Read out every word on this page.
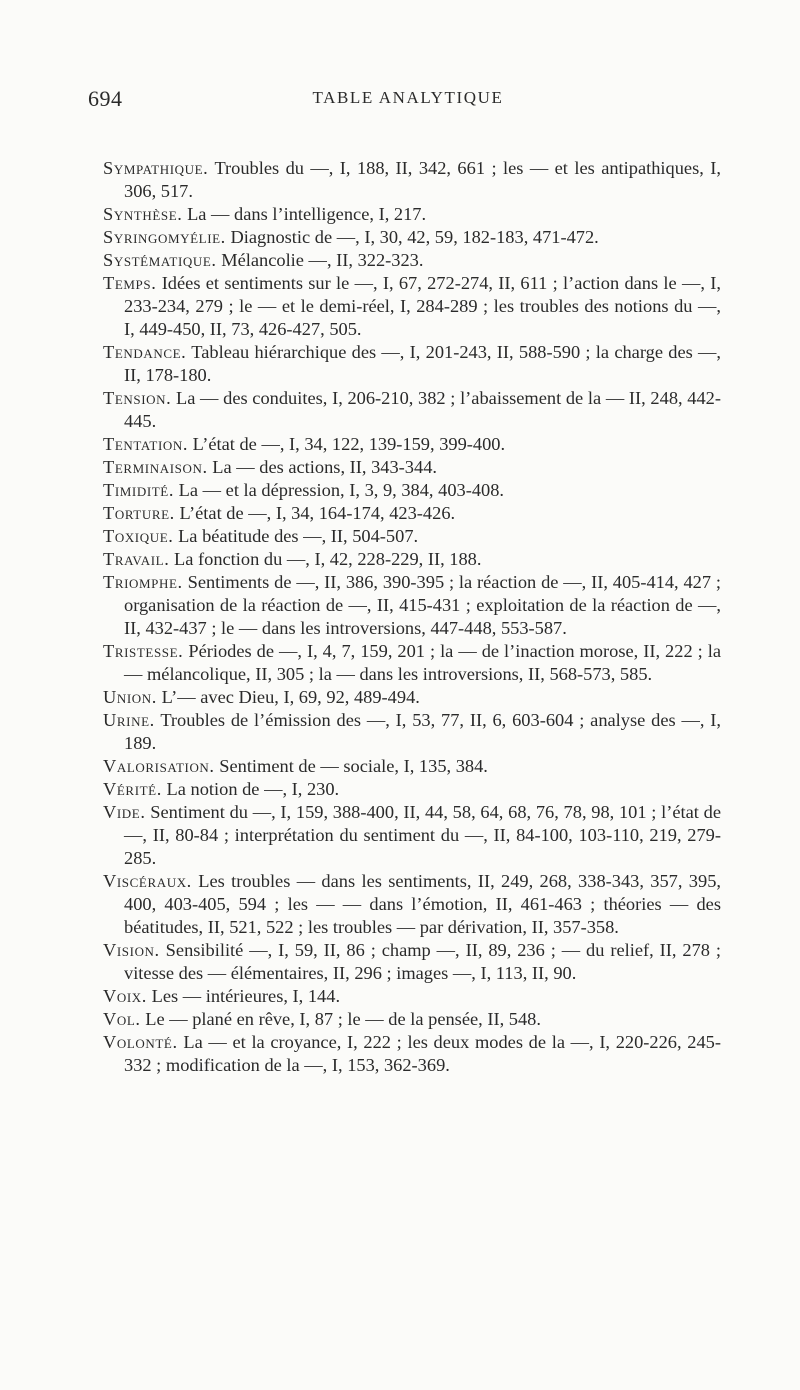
694	TABLE ANALYTIQUE

Sympathique. Troubles du —, I, 188, II, 342, 661 ; les — et les antipathiques, I, 306, 517.

Synthèse. La — dans l’intelligence, I, 217.

Syringomyélie. Diagnostic de —, I, 30, 42, 59, 182-183, 471-472.

Systématique. Mélancolie —, II, 322-323.

Temps. Idées et sentiments sur le —, I, 67, 272-274, II, 611 ; l’action dans le —, I, 233-234, 279 ; le — et le demi-réel, I, 284-289 ; les troubles des notions du —, I, 449-450, II, 73, 426-427, 505.

Tendance. Tableau hiérarchique des —, I, 201-243, II, 588-590 ; la charge des —, II, 178-180.

Tension. La — des conduites, I, 206-210, 382 ; l’abaissement de la — II, 248, 442-445.

Tentation. L’état de —, I, 34, 122, 139-159, 399-400.

Terminaison. La — des actions, II, 343-344.

Timidité. La — et la dépression, I, 3, 9, 384, 403-408.

Torture. L’état de —, I, 34, 164-174, 423-426.

Toxique. La béatitude des —, II, 504-507.

Travail. La fonction du —, I, 42, 228-229, II, 188.

Triomphe. Sentiments de —, II, 386, 390-395 ; la réaction de —, II, 405-414, 427 ; organisation de la réaction de —, II, 415-431 ; exploitation de la réaction de —, II, 432-437 ; le — dans les introversions, 447-448, 553-587.

Tristesse. Périodes de —, I, 4, 7, 159, 201 ; la — de l’inaction morose, II, 222 ; la — mélancolique, II, 305 ; la — dans les introversions, II, 568-573, 585.

Union. L’— avec Dieu, I, 69, 92, 489-494.

Urine. Troubles de l’émission des —, I, 53, 77, II, 6, 603-604 ; analyse des —, I, 189.

Valorisation. Sentiment de — sociale, I, 135, 384.

Vérité. La notion de —, I, 230.

Vide. Sentiment du —, I, 159, 388-400, II, 44, 58, 64, 68, 76, 78, 98, 101 ; l’état de —, II, 80-84 ; interprétation du sentiment du —, II, 84-100, 103-110, 219, 279-285.

Viscéraux. Les troubles — dans les sentiments, II, 249, 268, 338-343, 357, 395, 400, 403-405, 594 ; les — — dans l’émotion, II, 461-463 ; théories — des béatitudes, II, 521, 522 ; les troubles — par dérivation, II, 357-358.

Vision. Sensibilité —, I, 59, II, 86 ; champ —, II, 89, 236 ; — du relief, II, 278 ; vitesse des — élémentaires, II, 296 ; images —, I, 113, II, 90.

Voix. Les — intérieures, I, 144.

Vol. Le — plané en rêve, I, 87 ; le — de la pensée, II, 548.

Volonté. La — et la croyance, I, 222 ; les deux modes de la —, I, 220-226, 245-332 ; modification de la —, I, 153, 362-369.
